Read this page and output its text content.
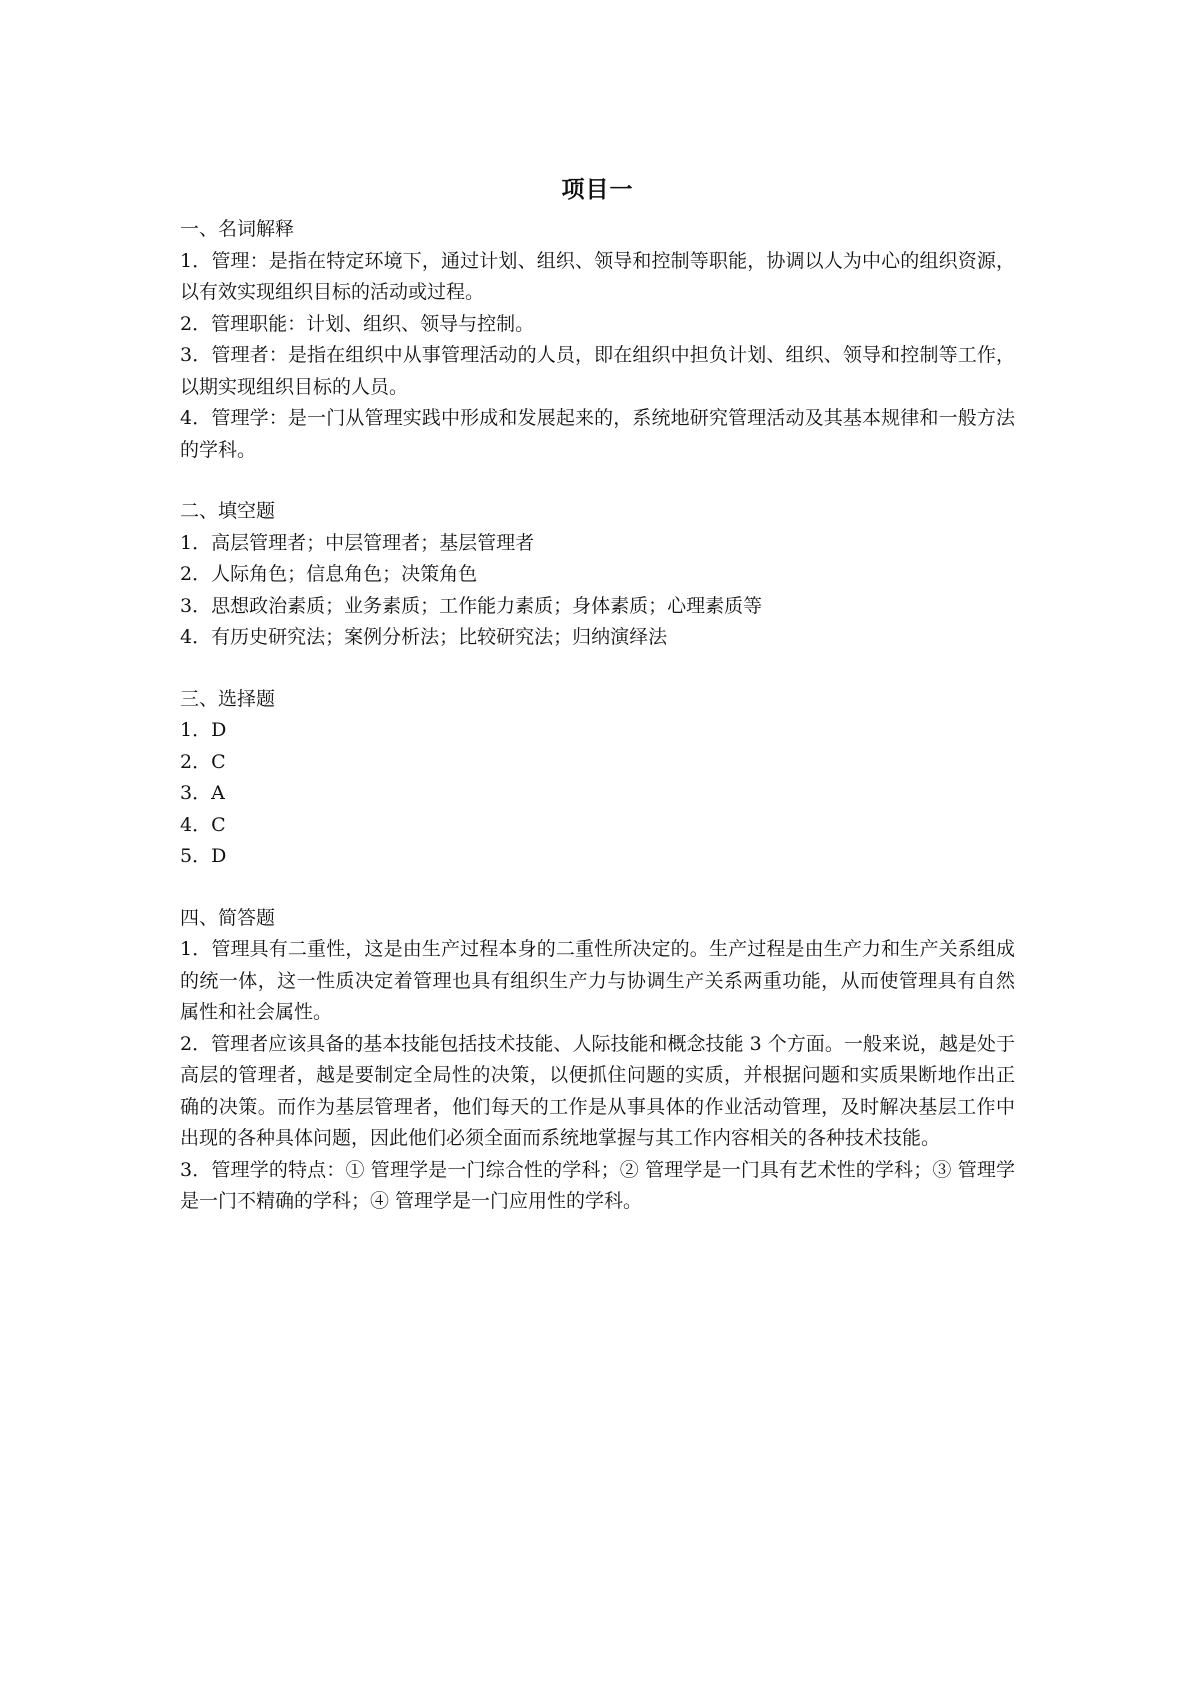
项目一

一、名词解释

1．管理：是指在特定环境下，通过计划、组织、领导和控制等职能，协调以人为中心的组织资源，以有效实现组织目标的活动或过程。

2．管理职能：计划、组织、领导与控制。

3．管理者：是指在组织中从事管理活动的人员，即在组织中担负计划、组织、领导和控制等工作，以期实现组织目标的人员。

4．管理学：是一门从管理实践中形成和发展起来的，系统地研究管理活动及其基本规律和一般方法的学科。

二、填空题

1．高层管理者；中层管理者；基层管理者

2．人际角色；信息角色；决策角色

3．思想政治素质；业务素质；工作能力素质；身体素质；心理素质等

4．有历史研究法；案例分析法；比较研究法；归纳演绎法

三、选择题

1．D

2．C

3．A

4．C

5．D

四、简答题

1．管理具有二重性，这是由生产过程本身的二重性所决定的。生产过程是由生产力和生产关系组成的统一体，这一性质决定着管理也具有组织生产力与协调生产关系两重功能，从而使管理具有自然属性和社会属性。

2．管理者应该具备的基本技能包括技术技能、人际技能和概念技能 3 个方面。一般来说，越是处于高层的管理者，越是要制定全局性的决策，以便抓住问题的实质，并根据问题和实质果断地作出正确的决策。而作为基层管理者，他们每天的工作是从事具体的作业活动管理，及时解决基层工作中出现的各种具体问题，因此他们必须全面而系统地掌握与其工作内容相关的各种技术技能。

3．管理学的特点：① 管理学是一门综合性的学科；② 管理学是一门具有艺术性的学科；③ 管理学是一门不精确的学科；④ 管理学是一门应用性的学科。
